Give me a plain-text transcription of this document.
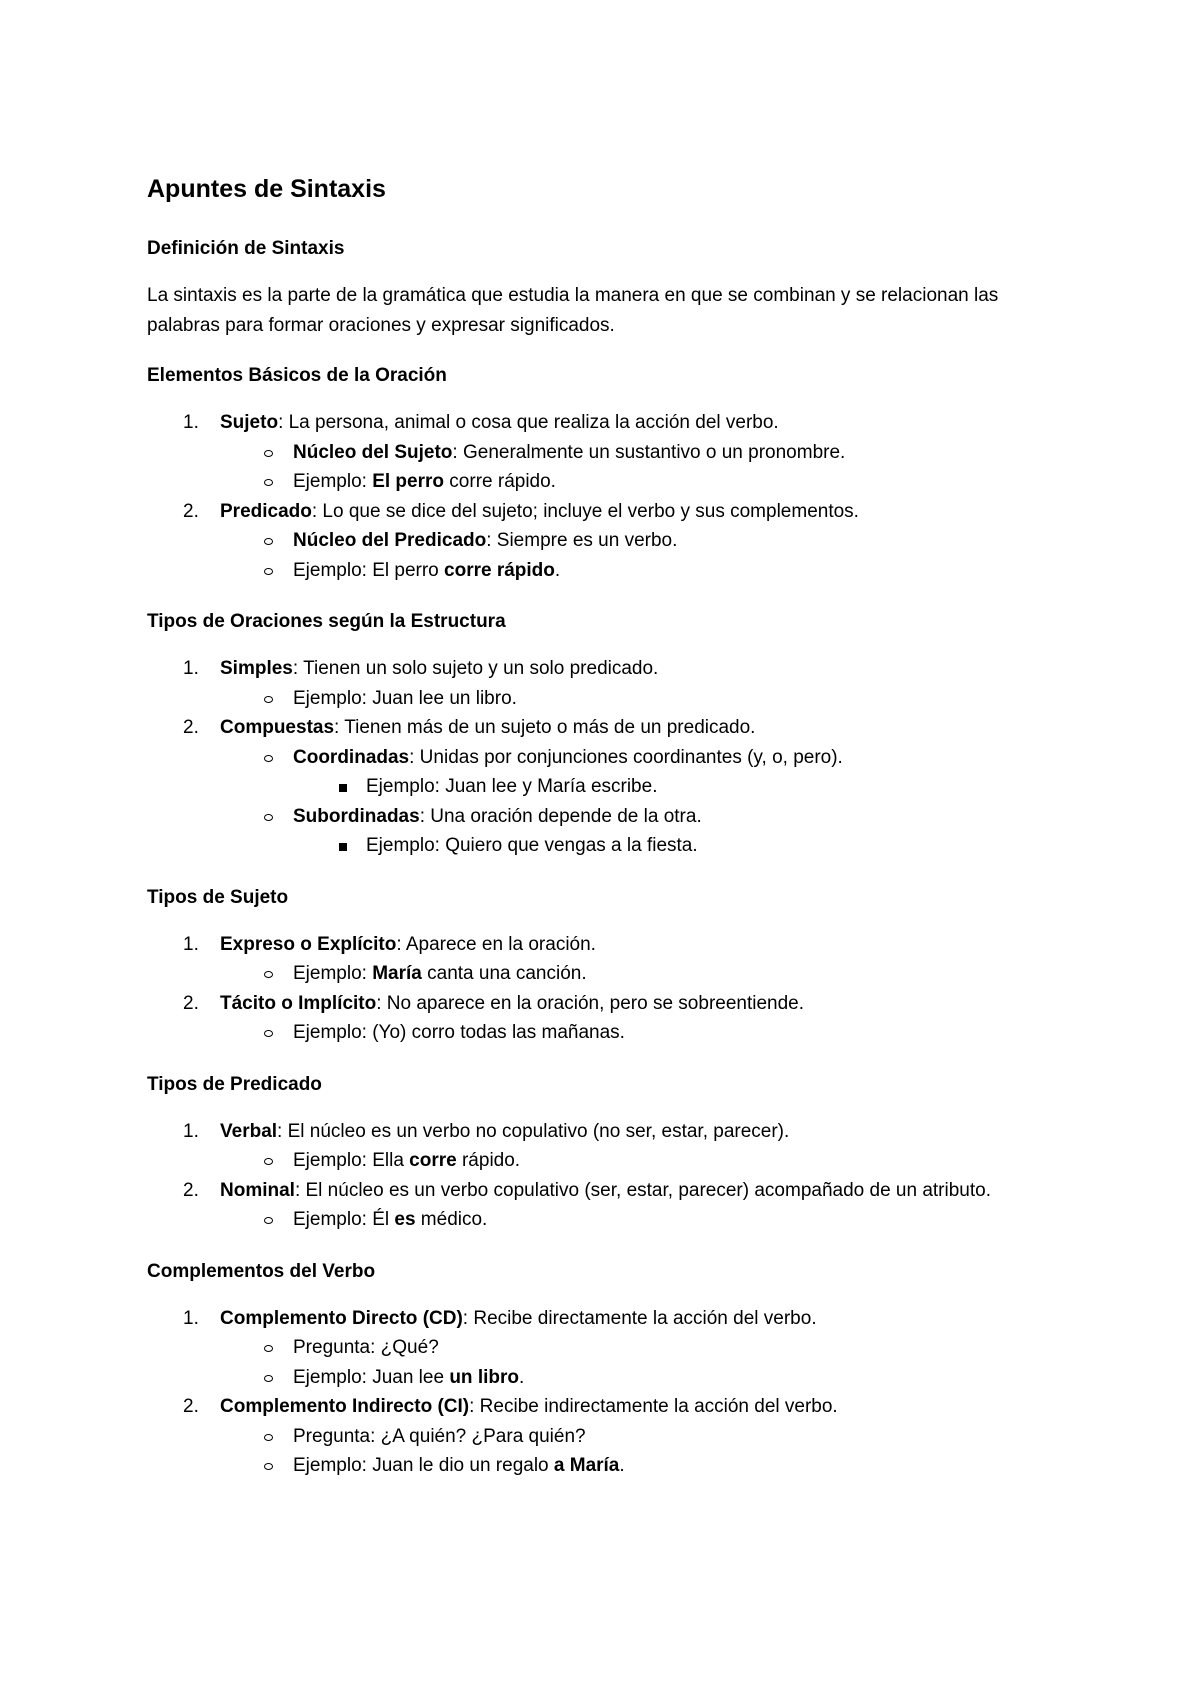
Apuntes de Sintaxis
Definición de Sintaxis

La sintaxis es la parte de la gramática que estudia la manera en que se combinan y se relacionan las palabras para formar oraciones y expresar significados.

Elementos Básicos de la Oración
1. Sujeto: La persona, animal o cosa que realiza la acción del verbo.
Núcleo del Sujeto: Generalmente un sustantivo o un pronombre.
Ejemplo: El perro corre rápido.
2. Predicado: Lo que se dice del sujeto; incluye el verbo y sus complementos.
Núcleo del Predicado: Siempre es un verbo.
Ejemplo: El perro corre rápido.
Tipos de Oraciones según la Estructura
1. Simples: Tienen un solo sujeto y un solo predicado.
Ejemplo: Juan lee un libro.
2. Compuestas: Tienen más de un sujeto o más de un predicado.
Coordinadas: Unidas por conjunciones coordinantes (y, o, pero).
Ejemplo: Juan lee y María escribe.
Subordinadas: Una oración depende de la otra.
Ejemplo: Quiero que vengas a la fiesta.
Tipos de Sujeto
1. Expreso o Explícito: Aparece en la oración.
Ejemplo: María canta una canción.
2. Tácito o Implícito: No aparece en la oración, pero se sobreentiende.
Ejemplo: (Yo) corro todas las mañanas.
Tipos de Predicado
1. Verbal: El núcleo es un verbo no copulativo (no ser, estar, parecer).
Ejemplo: Ella corre rápido.
2. Nominal: El núcleo es un verbo copulativo (ser, estar, parecer) acompañado de un atributo.
Ejemplo: Él es médico.
Complementos del Verbo
1. Complemento Directo (CD): Recibe directamente la acción del verbo.
Pregunta: ¿Qué?
Ejemplo: Juan lee un libro.
2. Complemento Indirecto (CI): Recibe indirectamente la acción del verbo.
Pregunta: ¿A quién? ¿Para quién?
Ejemplo: Juan le dio un regalo a María.
